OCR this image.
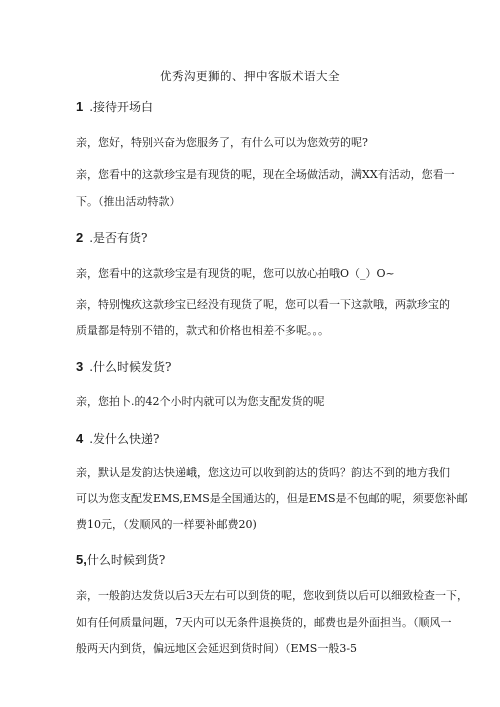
优秀沟更狮的、押中客版术语大全
1 .接待开场白
亲，您好，特别兴奋为您服务了，有什么可以为您效劳的呢?
亲，您看中的这款珍宝是有现货的呢，现在全场做活动，满XX有活动，您看一
下。（推出活动特款）
2 .是否有货?
亲，您看中的这款珍宝是有现货的呢，您可以放心拍哦O（_）O~
亲，特别愧疚这款珍宝已经没有现货了呢，您可以看一下这款哦，两款珍宝的
质量都是特别不错的，款式和价格也相差不多呢。。。
3 .什么时候发货?
亲，您拍卜.的42个小时内就可以为您支配发货的呢
4 .发什么快递?
亲，默认是发韵达快递峨，您这边可以收到韵达的货吗？韵达不到的地方我们
可以为您支配发EMS,EMS是全国通达的，但是EMS是不包邮的呢，须要您补邮
费10元，（发顺风的一样要补邮费20)
5,什么时候到货?
亲，一般韵达发货以后3天左右可以到货的呢，您收到货以后可以细致检查一下，
如有任何质量问题，7天内可以无条件退换货的，邮费也是外面担当。（顺风一
般两天内到货，偏远地区会延迟到货时间）（EMS一般3-5
